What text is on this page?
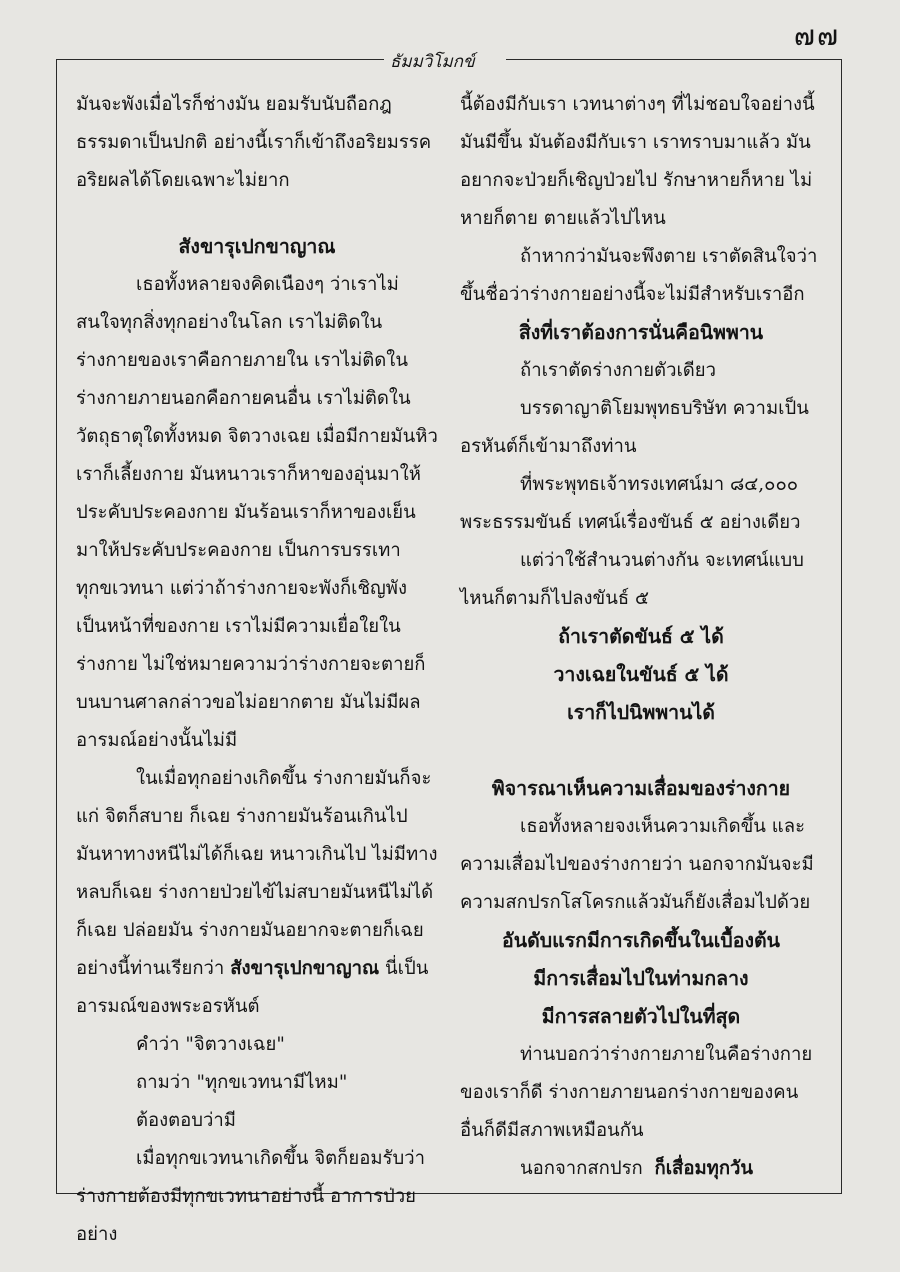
๗๗
ธัมมวิโมกข์

มันจะพังเมื่อไรก็ช่างมัน ยอมรับนับถือกฎธรรมดาเป็นปกติ อย่างนี้เราก็เข้าถึงอริยมรรคอริยผลได้โดยเฉพาะไม่ยาก

สังขารุเปกขาญาณ

เธอทั้งหลายจงคิดเนืองๆ ว่าเราไม่สนใจทุกสิ่งทุกอย่างในโลก เราไม่ติดในร่างกายของเราคือกายภายใน เราไม่ติดในร่างกายภายนอกคือกายคนอื่น เราไม่ติดในวัตถุธาตุใดทั้งหมด จิตวางเฉย เมื่อมีกายมันหิว เราก็เลี้ยงกาย มันหนาวเราก็หาของอุ่นมาให้ประคับประคองกาย มันร้อนเราก็หาของเย็นมาให้ประคับประคองกาย เป็นการบรรเทาทุกขเวทนา แต่ว่าถ้าร่างกายจะพังก็เชิญพัง เป็นหน้าที่ของกาย เราไม่มีความเยื่อใยในร่างกาย ไม่ใช่หมายความว่าร่างกายจะตายก็บนบานศาลกล่าวขอไม่อยากตาย มันไม่มีผล อารมณ์อย่างนั้นไม่มี

ในเมื่อทุกอย่างเกิดขึ้น ร่างกายมันก็จะแก่ จิตก็สบาย ก็เฉย ร่างกายมันร้อนเกินไป มันหาทางหนีไม่ได้ก็เฉย หนาวเกินไป ไม่มีทางหลบก็เฉย ร่างกายป่วยไข้ไม่สบายมันหนีไม่ได้ก็เฉย ปล่อยมัน ร่างกายมันอยากจะตายก็เฉย อย่างนี้ท่านเรียกว่า สังขารุเปกขาญาณ นี่เป็นอารมณ์ของพระอรหันต์

คำว่า "จิตวางเฉย"

ถามว่า "ทุกขเวทนามีไหม"

ต้องตอบว่ามี

เมื่อทุกขเวทนาเกิดขึ้น จิตก็ยอมรับว่าร่างกายต้องมีทุกขเวทนาอย่างนี้ อาการป่วยอย่าง

นี้ต้องมีกับเรา เวทนาต่างๆ ที่ไม่ชอบใจอย่างนี้มันมีขึ้น มันต้องมีกับเรา เราทราบมาแล้ว มันอยากจะป่วยก็เชิญป่วยไป รักษาหายก็หาย ไม่หายก็ตาย ตายแล้วไปไหน

ถ้าหากว่ามันจะพึงตาย เราตัดสินใจว่าขึ้นชื่อว่าร่างกายอย่างนี้จะไม่มีสำหรับเราอีก

สิ่งที่เราต้องการนั่นคือนิพพาน

ถ้าเราตัดร่างกายตัวเดียว

บรรดาญาติโยมพุทธบริษัท ความเป็นอรหันต์ก็เข้ามาถึงท่าน

ที่พระพุทธเจ้าทรงเทศน์มา ๘๔,๐๐๐ พระธรรมขันธ์ เทศน์เรื่องขันธ์ ๕ อย่างเดียว

แต่ว่าใช้สำนวนต่างกัน จะเทศน์แบบไหนก็ตามก็ไปลงขันธ์ ๕

ถ้าเราตัดขันธ์ ๕ ได้

วางเฉยในขันธ์ ๕ ได้

เราก็ไปนิพพานได้

พิจารณาเห็นความเสื่อมของร่างกาย

เธอทั้งหลายจงเห็นความเกิดขึ้น และความเสื่อมไปของร่างกายว่า นอกจากมันจะมีความสกปรกโสโครกแล้วมันก็ยังเสื่อมไปด้วย

อันดับแรกมีการเกิดขึ้นในเบื้องต้น

มีการเสื่อมไปในท่ามกลาง

มีการสลายตัวไปในที่สุด

ท่านบอกว่าร่างกายภายในคือร่างกายของเราก็ดี ร่างกายภายนอกร่างกายของคนอื่นก็ดีมีสภาพเหมือนกัน

นอกจากสกปรก ก็เสื่อมทุกวัน
